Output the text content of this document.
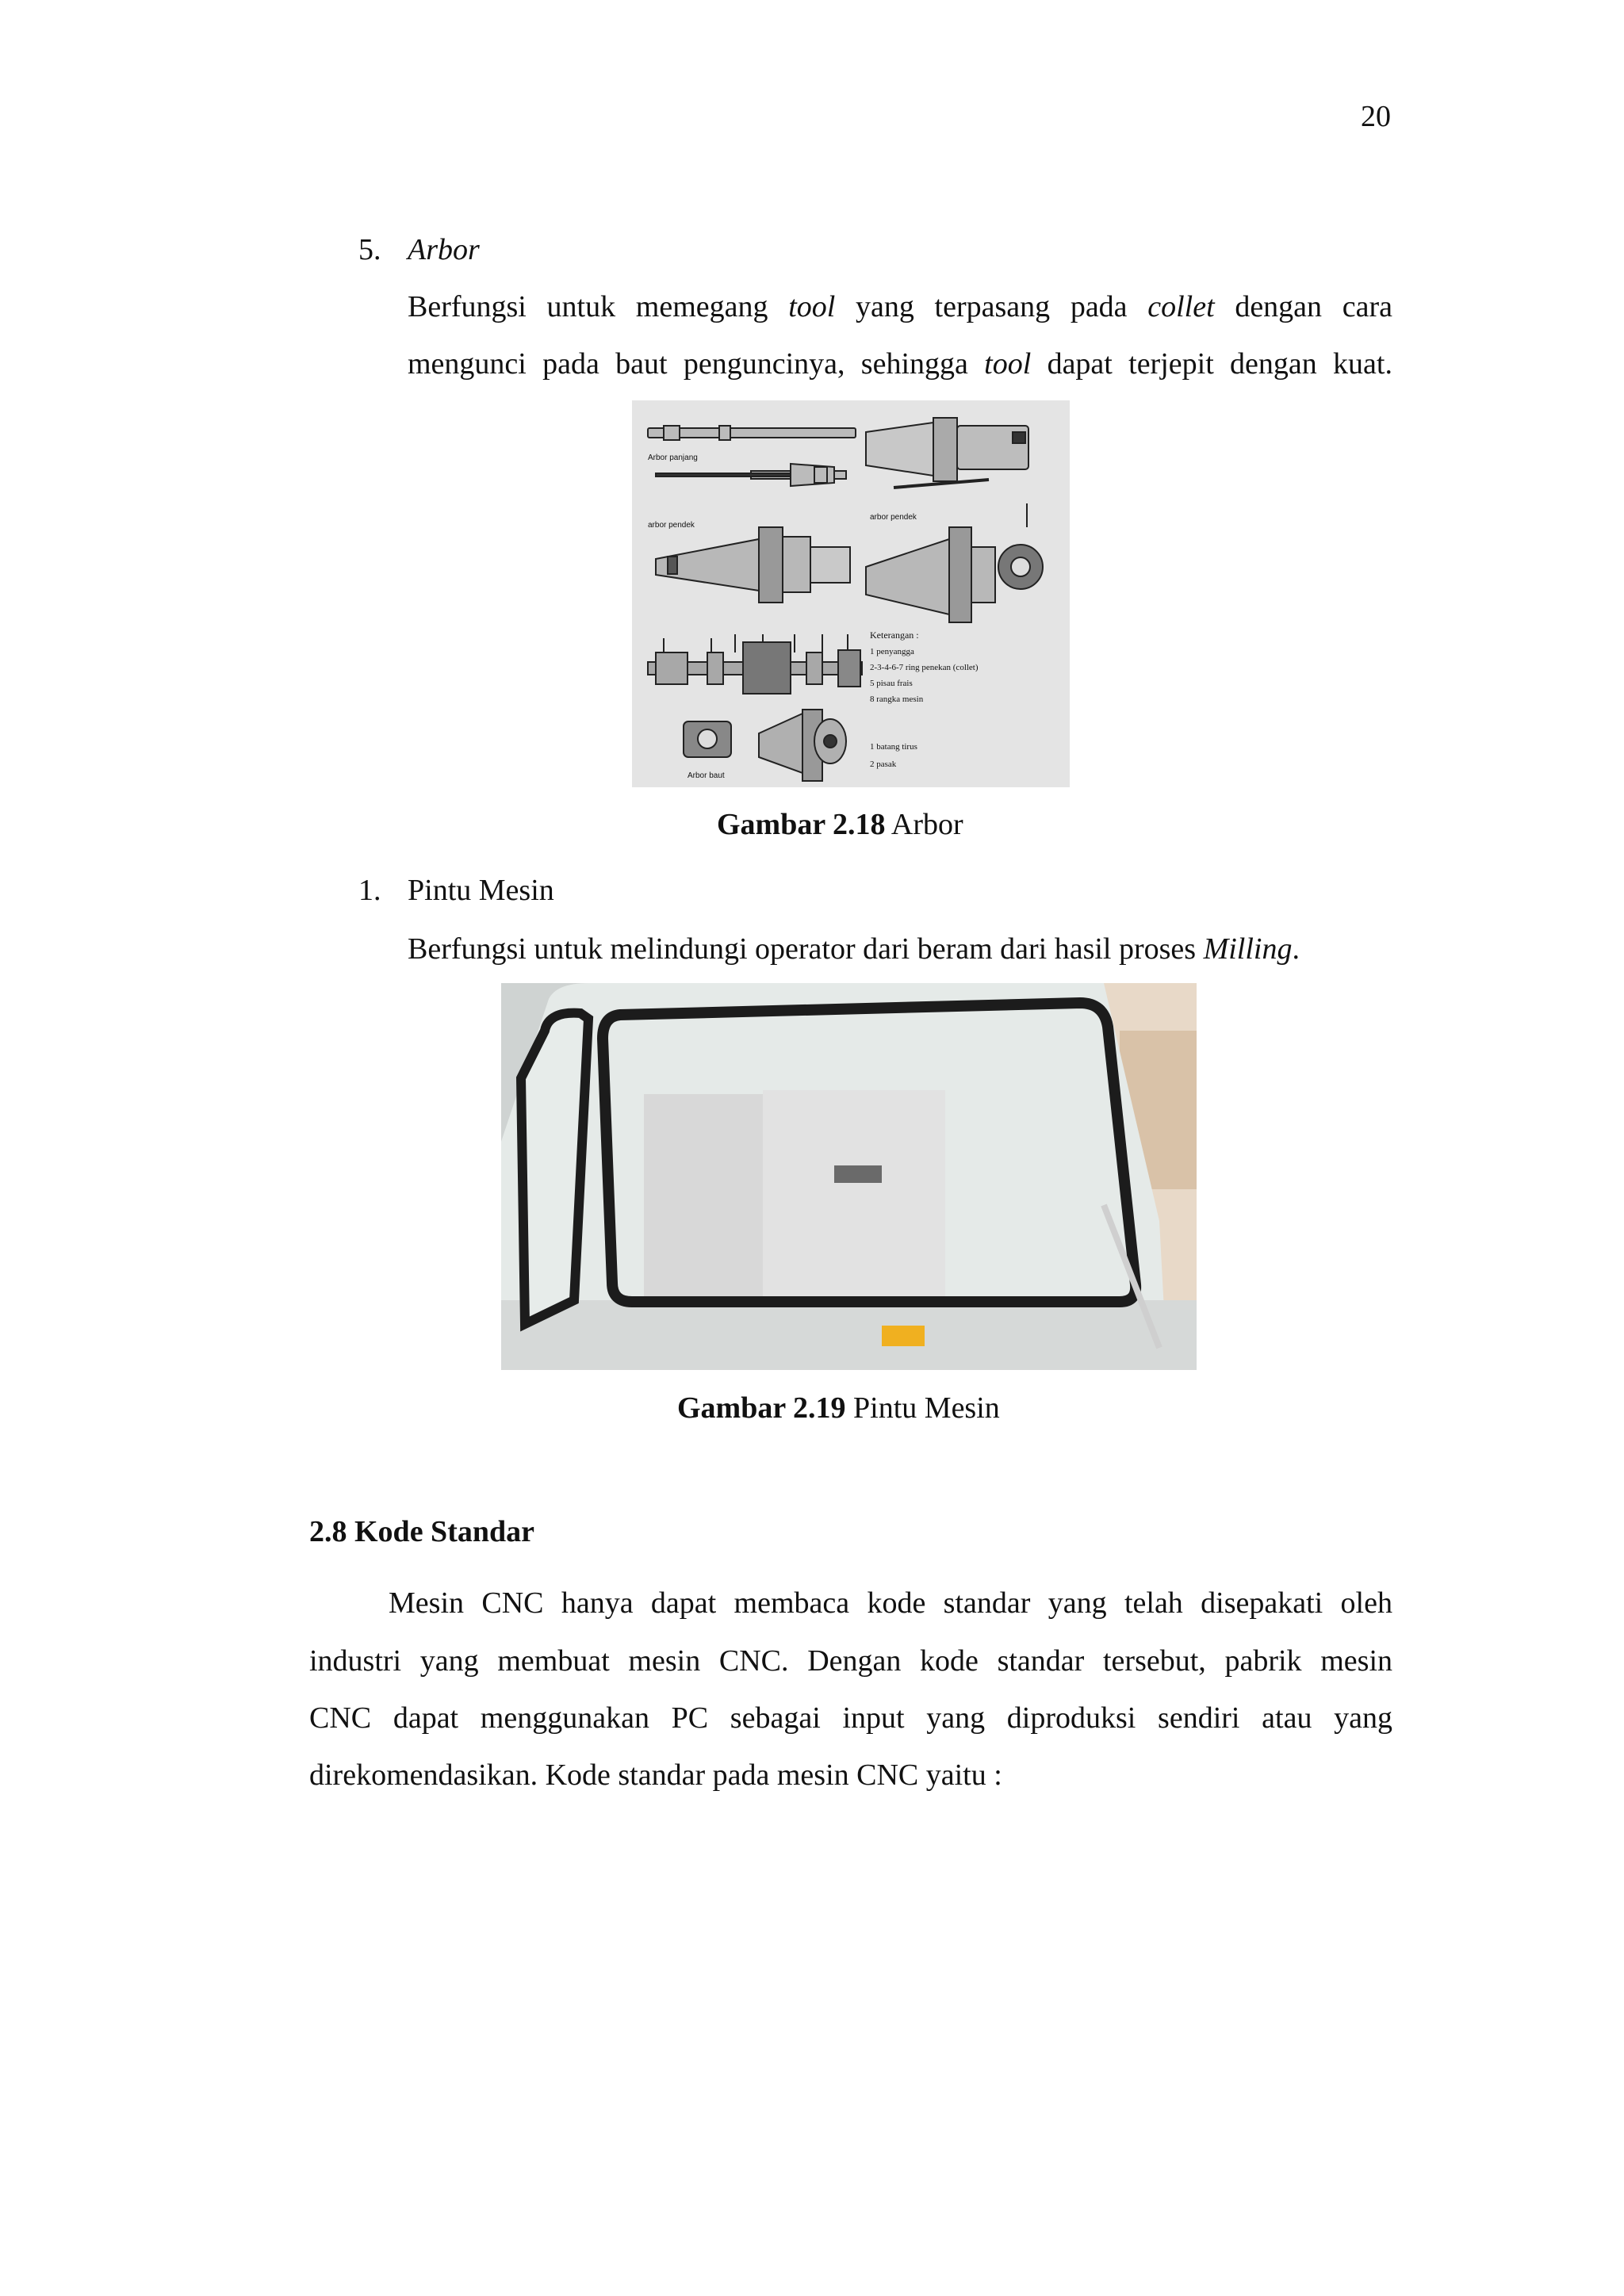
20
5. Arbor
Berfungsi untuk memegang tool yang terpasang pada collet dengan cara
mengunci pada baut penguncinya, sehingga tool dapat terjepit dengan kuat.
Arbor panjang
arbor pendek
arbor pendek
Arbor baut
Keterangan :
1 penyangga
2-3-4-6-7 ring penekan (collet)
5 pisau frais
8 rangka mesin
1 batang tirus
2 pasak
Gambar 2.18 Arbor
1. Pintu Mesin
Berfungsi untuk melindungi operator dari beram dari hasil proses Milling.
Gambar 2.19 Pintu Mesin
2.8 Kode Standar
Mesin CNC hanya dapat membaca kode standar yang telah disepakati oleh
industri yang membuat mesin CNC. Dengan kode standar tersebut, pabrik mesin
CNC dapat menggunakan PC sebagai input yang diproduksi sendiri atau yang
direkomendasikan. Kode standar pada mesin CNC yaitu :
